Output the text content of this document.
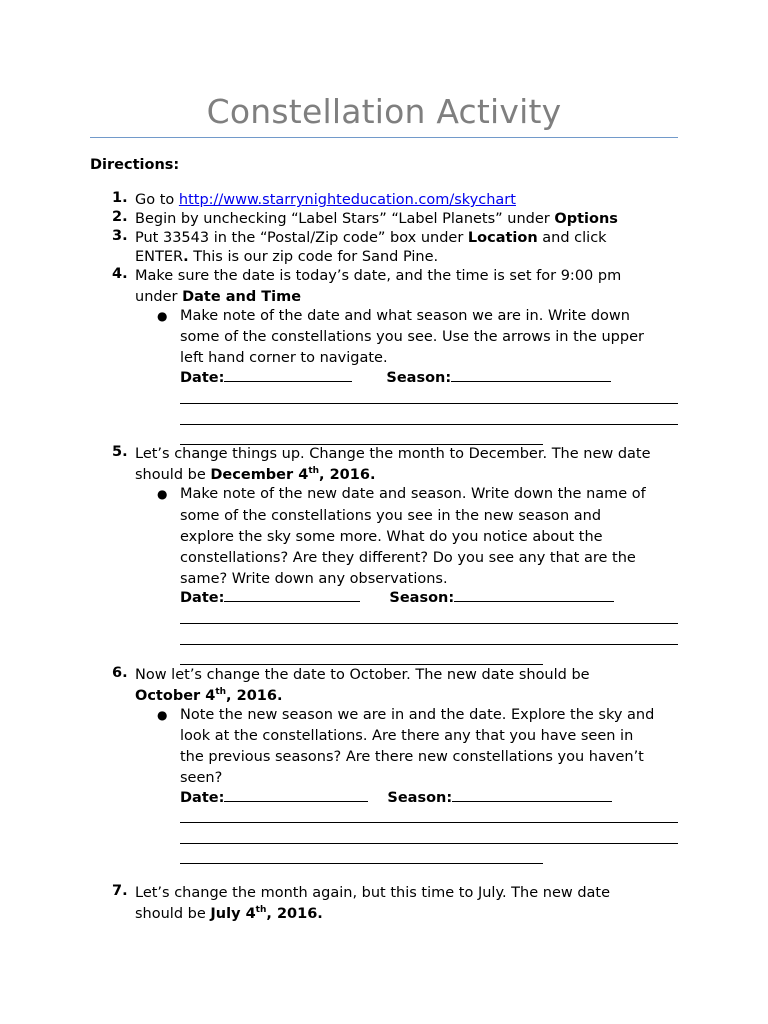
Constellation Activity
Directions:
1. Go to http://www.starrynighteducation.com/skychart
2. Begin by unchecking “Label Stars” “Label Planets” under Options
3. Put 33543 in the “Postal/Zip code” box under Location and click
ENTER. This is our zip code for Sand Pine.
4. Make sure the date is today’s date, and the time is set for 9:00 pm
under Date and Time
● Make note of the date and what season we are in. Write down
some of the constellations you see. Use the arrows in the upper
left hand corner to navigate.
Date:	Season:
5. Let’s change things up. Change the month to December. The new date
should be December 4th, 2016.
● Make note of the new date and season. Write down the name of
some of the constellations you see in the new season and
explore the sky some more. What do you notice about the
constellations? Are they different? Do you see any that are the
same? Write down any observations.
Date:	Season:
6. Now let’s change the date to October. The new date should be
October 4th, 2016.
● Note the new season we are in and the date. Explore the sky and
look at the constellations. Are there any that you have seen in
the previous seasons? Are there new constellations you haven’t
seen?
Date:	Season:
7. Let’s change the month again, but this time to July. The new date
should be July 4th, 2016.
